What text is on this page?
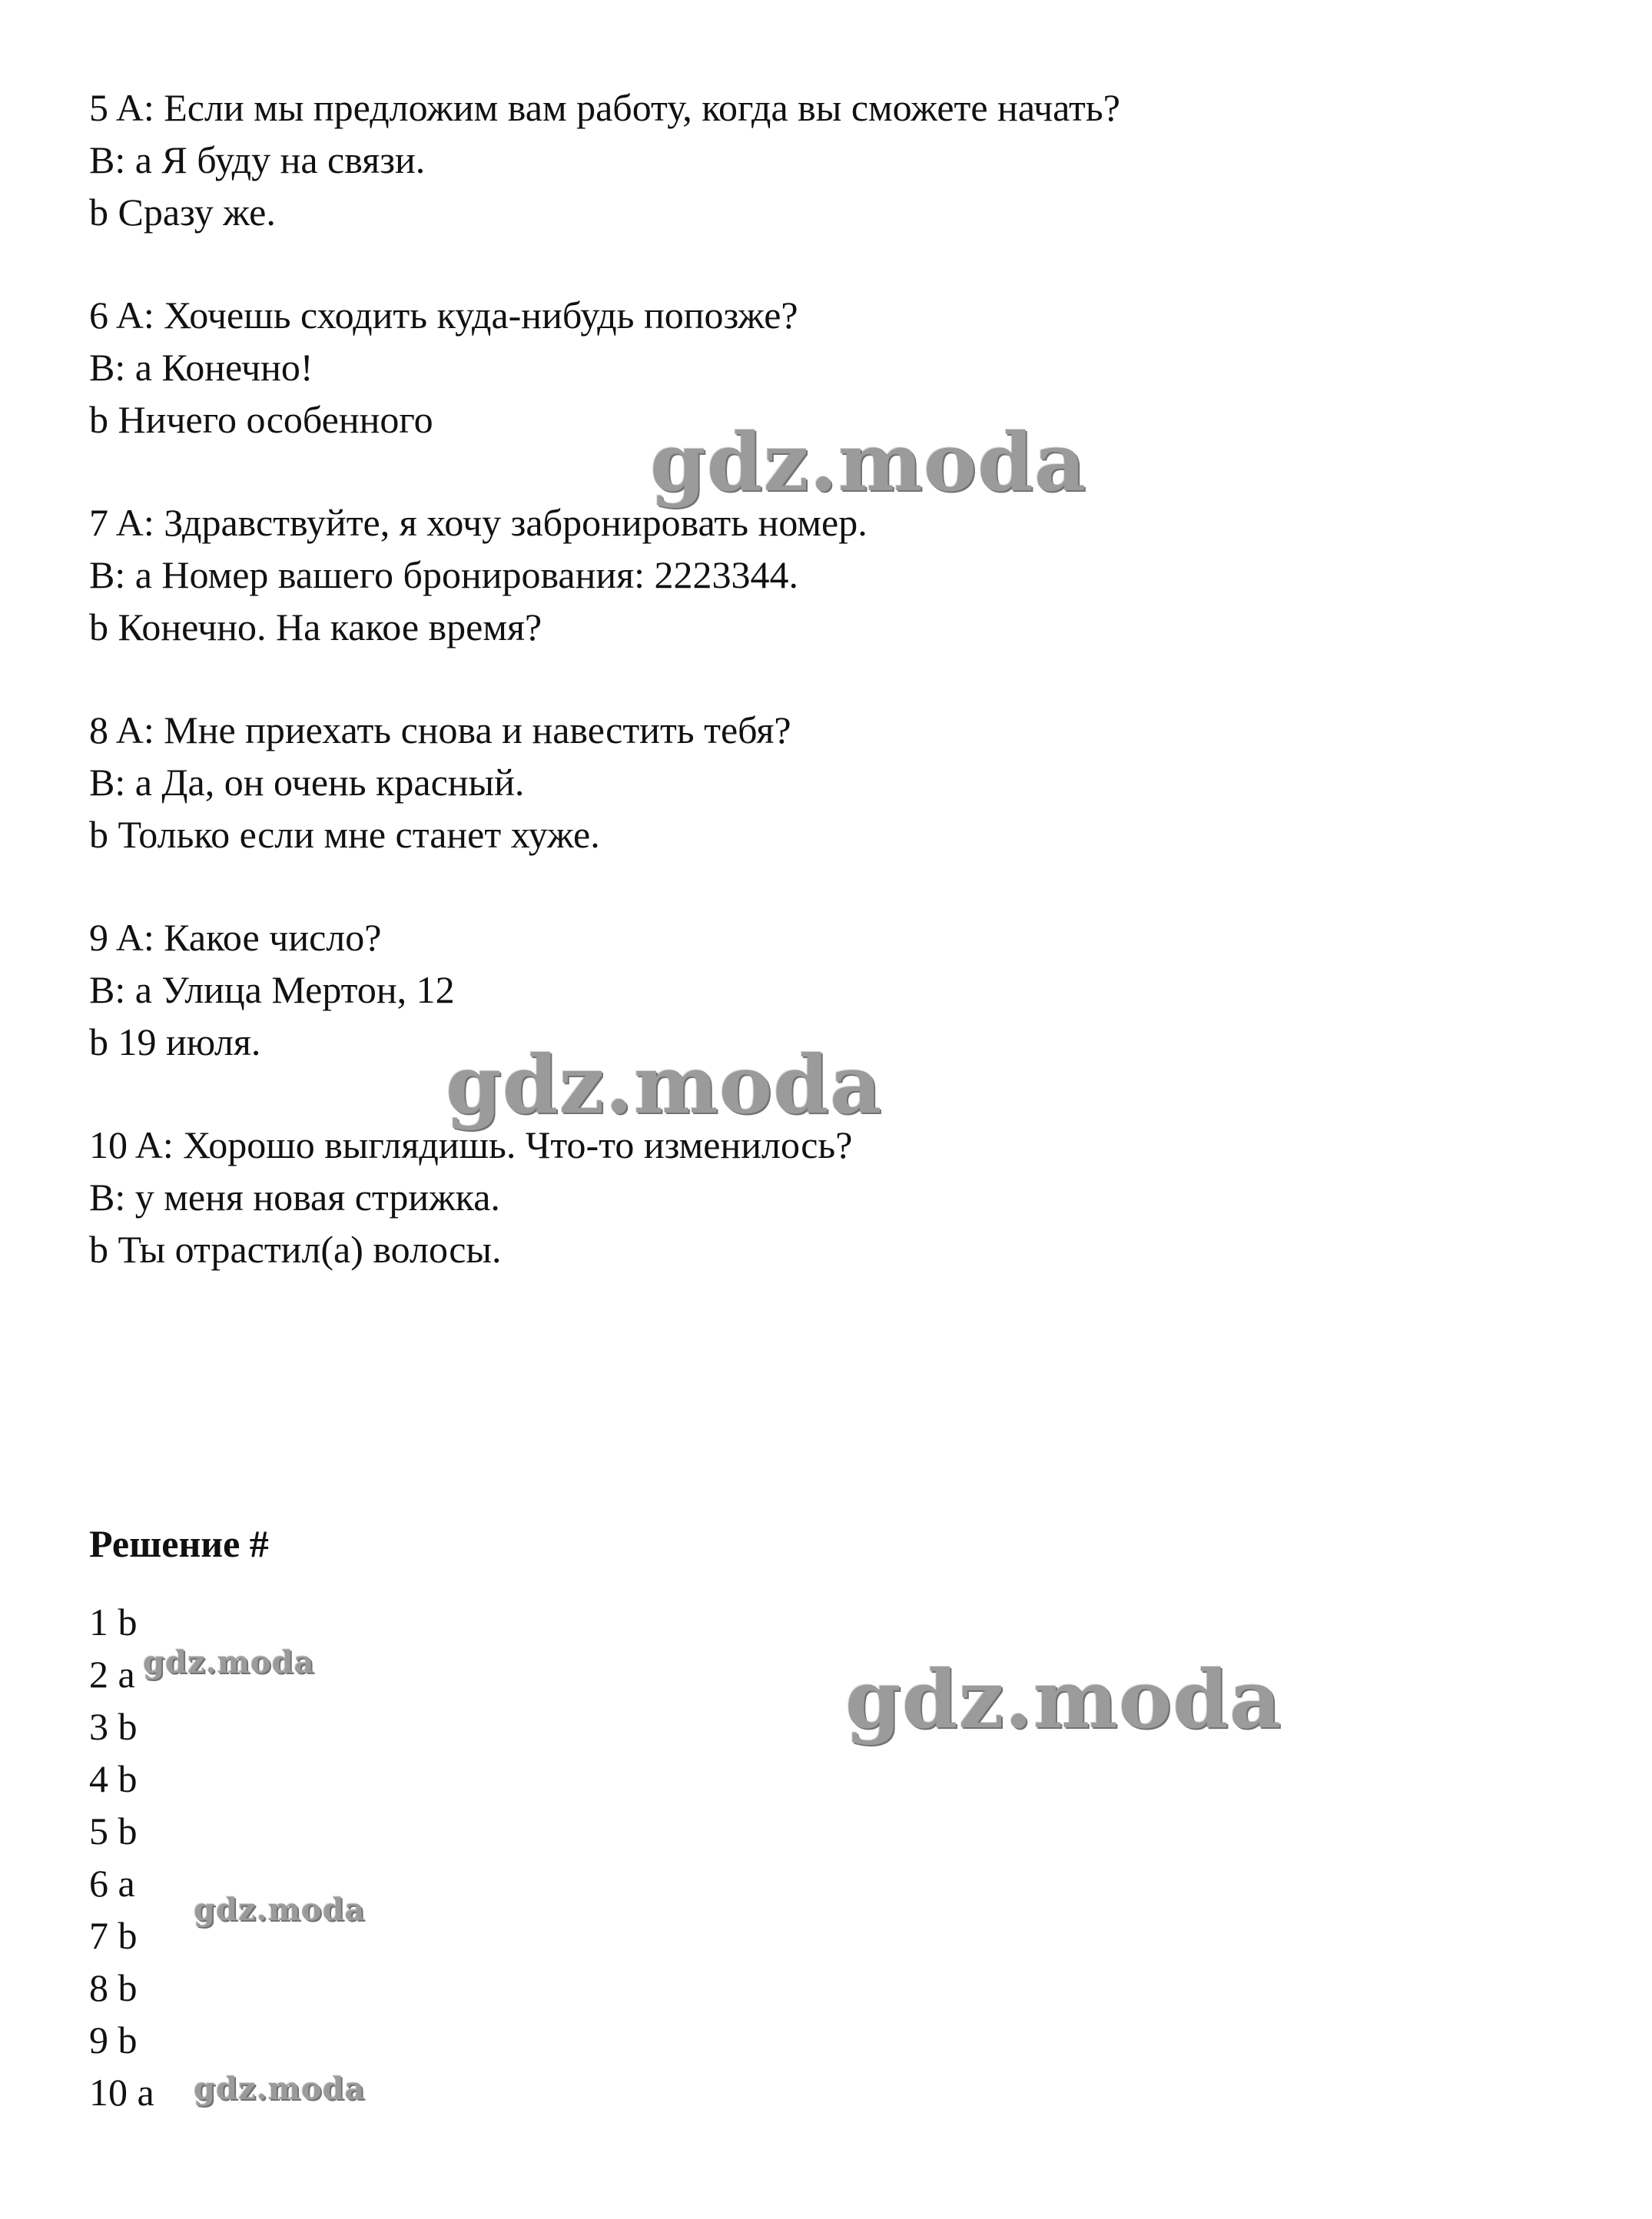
5 A: Если мы предложим вам работу, когда вы сможете начать?
В: a Я буду на связи.
b Сразу же.
6 A: Хочешь сходить куда-нибудь попозже?
В: a Конечно!
b Ничего особенного
7 A: Здравствуйте, я хочу забронировать номер.
В: a Номер вашего бронирования: 2223344.
b Конечно. На какое время?
8 A: Мне приехать снова и навестить тебя?
В: a Да, он очень красный.
b Только если мне станет хуже.
9 A: Какое число?
В: a Улица Мертон, 12
b 19 июля.
10 A: Хорошо выглядишь. Что-то изменилось?
В: у меня новая стрижка.
b Ты отрастил(а) волосы.
Решение #
1 b
2 a
3 b
4 b
5 b
6 a
7 b
8 b
9 b
10 a
gdz.moda
gdz.moda
gdz.moda
gdz.moda
gdz.moda
gdz.moda
